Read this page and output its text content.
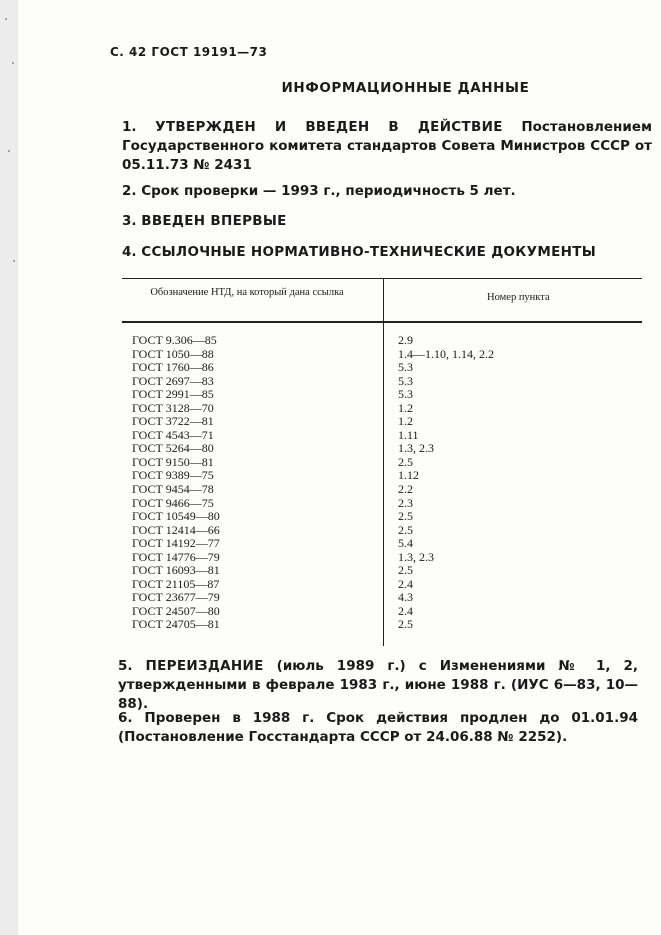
С. 42 ГОСТ 19191—73
ИНФОРМАЦИОННЫЕ ДАННЫЕ
1. УТВЕРЖДЕН И ВВЕДЕН В ДЕЙСТВИЕ Постановлением Государственного комитета стандартов Совета Министров СССР от 05.11.73 № 2431
2. Срок проверки — 1993 г., периодичность 5 лет.
3. ВВЕДЕН ВПЕРВЫЕ
4. ССЫЛОЧНЫЕ НОРМАТИВНО-ТЕХНИЧЕСКИЕ ДОКУМЕНТЫ
Обозначение НТД, на который дана ссылка	Номер пункта
ГОСТ 9.306—85	2.9
ГОСТ 1050—88	1.4—1.10, 1.14, 2.2
ГОСТ 1760—86	5.3
ГОСТ 2697—83	5.3
ГОСТ 2991—85	5.3
ГОСТ 3128—70	1.2
ГОСТ 3722—81	1.2
ГОСТ 4543—71	1.11
ГОСТ 5264—80	1.3, 2.3
ГОСТ 9150—81	2.5
ГОСТ 9389—75	1.12
ГОСТ 9454—78	2.2
ГОСТ 9466—75	2.3
ГОСТ 10549—80	2.5
ГОСТ 12414—66	2.5
ГОСТ 14192—77	5.4
ГОСТ 14776—79	1.3, 2.3
ГОСТ 16093—81	2.5
ГОСТ 21105—87	2.4
ГОСТ 23677—79	4.3
ГОСТ 24507—80	2.4
ГОСТ 24705—81	2.5
5. ПЕРЕИЗДАНИЕ (июль 1989 г.) с Изменениями № 1, 2, утвержденными в феврале 1983 г., июне 1988 г. (ИУС 6—83, 10—88).
6. Проверен в 1988 г. Срок действия продлен до 01.01.94 (Постановление Госстандарта СССР от 24.06.88 № 2252).
